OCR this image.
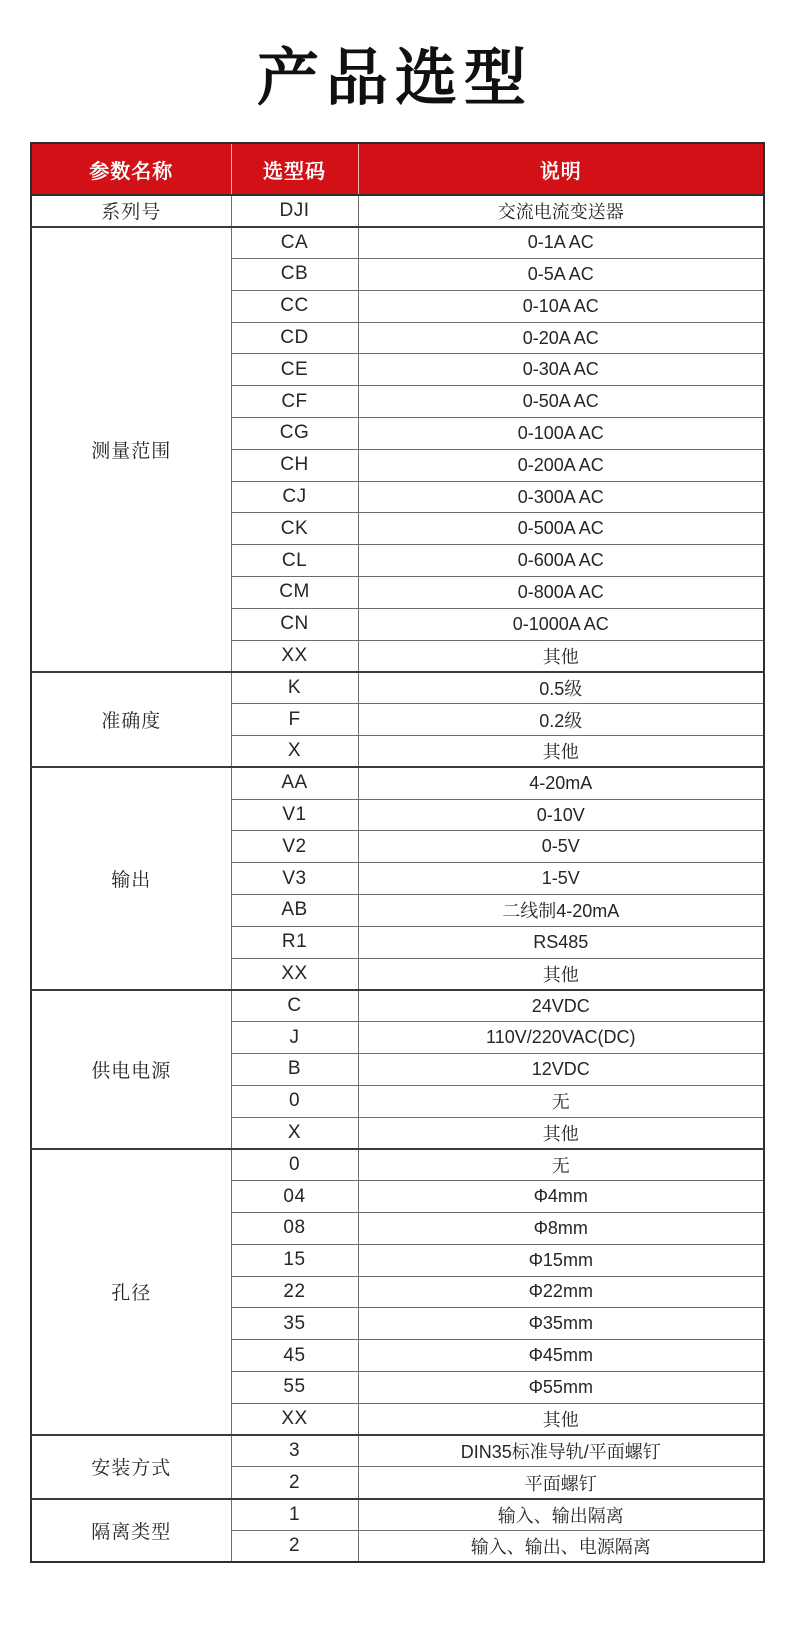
产品选型
参数名称	选型码	说明
系列号	DJI	交流电流变送器
测量范围	CA	0-1A AC
	CB	0-5A AC
	CC	0-10A AC
	CD	0-20A AC
	CE	0-30A AC
	CF	0-50A AC
	CG	0-100A AC
	CH	0-200A AC
	CJ	0-300A AC
	CK	0-500A AC
	CL	0-600A AC
	CM	0-800A AC
	CN	0-1000A AC
	XX	其他
准确度	K	0.5级
	F	0.2级
	X	其他
输出	AA	4-20mA
	V1	0-10V
	V2	0-5V
	V3	1-5V
	AB	二线制4-20mA
	R1	RS485
	XX	其他
供电电源	C	24VDC
	J	110V/220VAC(DC)
	B	12VDC
	0	无
	X	其他
孔径	0	无
	04	Φ4mm
	08	Φ8mm
	15	Φ15mm
	22	Φ22mm
	35	Φ35mm
	45	Φ45mm
	55	Φ55mm
	XX	其他
安装方式	3	DIN35标准导轨/平面螺钉
	2	平面螺钉
隔离类型	1	输入、输出隔离
	2	输入、输出、电源隔离
